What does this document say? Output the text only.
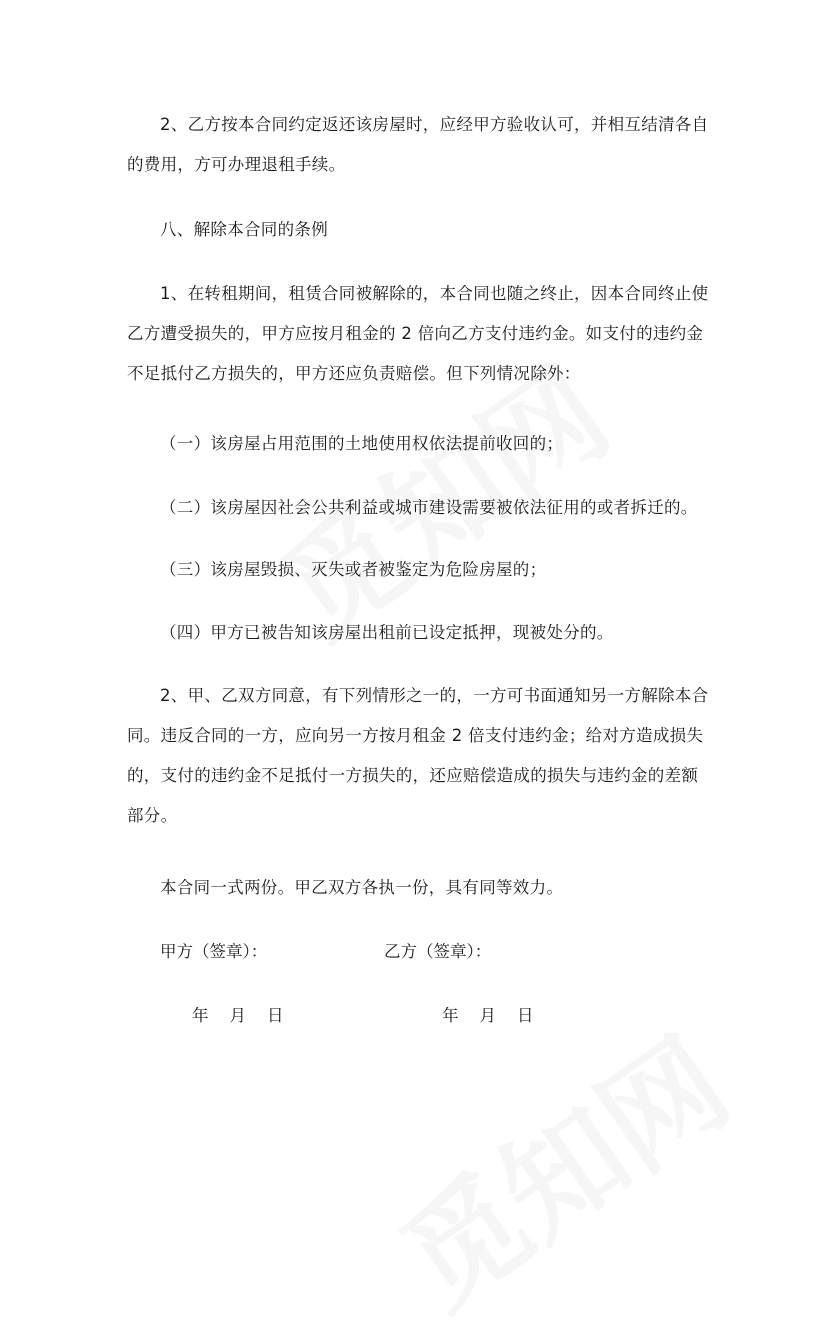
2、乙方按本合同约定返还该房屋时，应经甲方验收认可，并相互结清各自
的费用，方可办理退租手续。
八、解除本合同的条例
1、在转租期间，租赁合同被解除的，本合同也随之终止，因本合同终止使
乙方遭受损失的，甲方应按月租金的 2 倍向乙方支付违约金。如支付的违约金
不足抵付乙方损失的，甲方还应负责赔偿。但下列情况除外：
（一）该房屋占用范围的土地使用权依法提前收回的；
（二）该房屋因社会公共利益或城市建设需要被依法征用的或者拆迁的。
（三）该房屋毁损、灭失或者被鉴定为危险房屋的；
（四）甲方已被告知该房屋出租前已设定抵押，现被处分的。
2、甲、乙双方同意，有下列情形之一的，一方可书面通知另一方解除本合
同。违反合同的一方，应向另一方按月租金 2 倍支付违约金；给对方造成损失
的，支付的违约金不足抵付一方损失的，还应赔偿造成的损失与违约金的差额
部分。
本合同一式两份。甲乙双方各执一份，具有同等效力。
甲方（签章）：	乙方（签章）：
年    月    日	年    月    日
